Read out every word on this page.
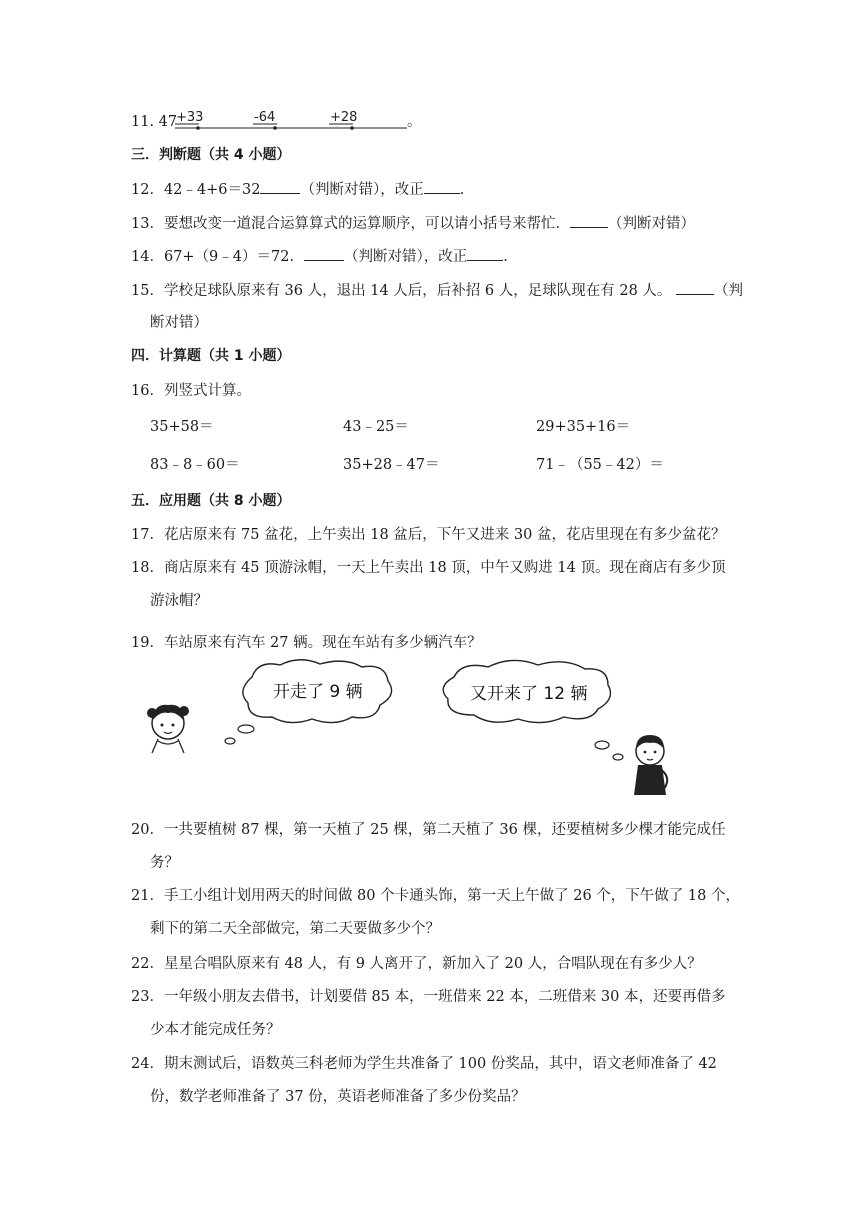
11. 47
+33	-64	+28	。
三．判断题（共 4 小题）
12．42﹣4+6＝32	（判断对错），改正 .
13．要想改变一道混合运算算式的运算顺序，可以请小括号来帮忙．	（判断对错）
14．67+（9﹣4）＝72．	（判断对错），改正 .
15．学校足球队原来有 36 人，退出 14 人后，后补招 6 人，足球队现在有 28 人。	（判
断对错）
四．计算题（共 1 小题）
16．列竖式计算。
35+58＝	43﹣25＝	29+35+16＝
83﹣8﹣60＝	35+28﹣47＝	71﹣（55﹣42）＝
五．应用题（共 8 小题）
17．花店原来有 75 盆花，上午卖出 18 盆后，下午又进来 30 盆，花店里现在有多少盆花？
18．商店原来有 45 顶游泳帽，一天上午卖出 18 顶，中午又购进 14 顶。现在商店有多少顶
游泳帽？
19．车站原来有汽车 27 辆。现在车站有多少辆汽车？
开走了 9 辆	又开来了 12 辆
20．一共要植树 87 棵，第一天植了 25 棵，第二天植了 36 棵，还要植树多少棵才能完成任
务？
21．手工小组计划用两天的时间做 80 个卡通头饰，第一天上午做了 26 个，下午做了 18 个，
剩下的第二天全部做完，第二天要做多少个？
22．星星合唱队原来有 48 人，有 9 人离开了，新加入了 20 人，合唱队现在有多少人？
23．一年级小朋友去借书，计划要借 85 本，一班借来 22 本，二班借来 30 本，还要再借多
少本才能完成任务？
24．期末测试后，语数英三科老师为学生共准备了 100 份奖品，其中，语文老师准备了 42
份，数学老师准备了 37 份，英语老师准备了多少份奖品？
